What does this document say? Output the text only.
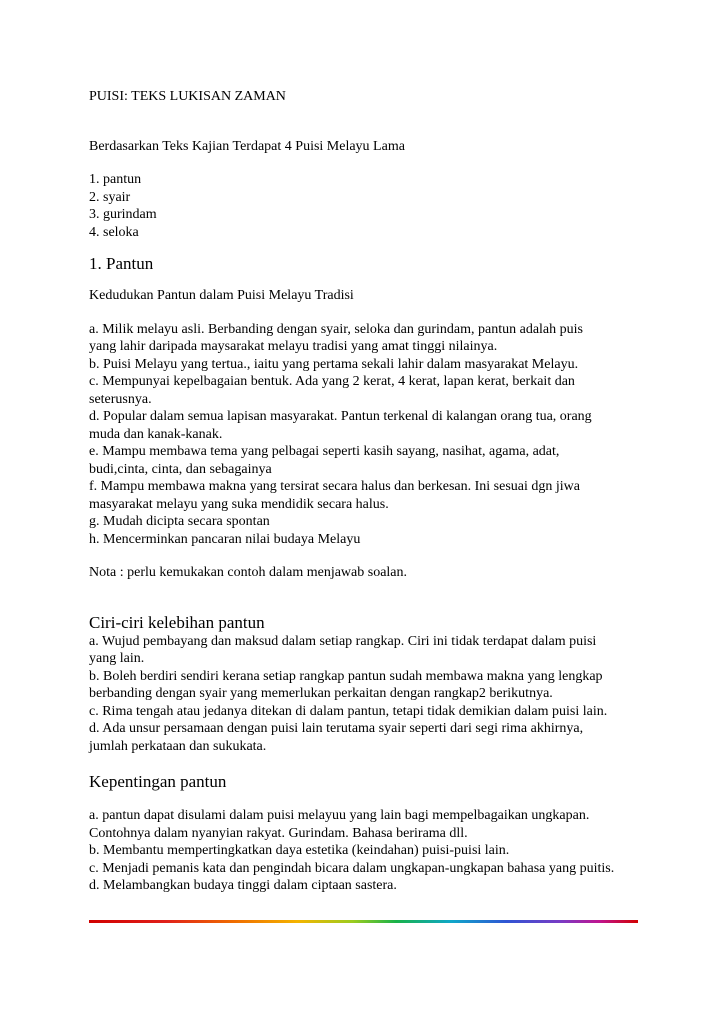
PUISI: TEKS LUKISAN ZAMAN
Berdasarkan Teks Kajian Terdapat 4 Puisi Melayu Lama
1. pantun
2. syair
3. gurindam
4. seloka
1. Pantun
Kedudukan Pantun dalam Puisi Melayu Tradisi
a. Milik melayu asli. Berbanding dengan syair, seloka dan gurindam, pantun adalah puis
yang lahir daripada maysarakat melayu tradisi yang amat tinggi nilainya.
b. Puisi Melayu yang tertua., iaitu yang pertama sekali lahir dalam masyarakat Melayu.
c. Mempunyai kepelbagaian bentuk. Ada yang 2 kerat, 4 kerat, lapan kerat, berkait dan
seterusnya.
d. Popular dalam semua lapisan masyarakat. Pantun terkenal di kalangan orang tua, orang
muda dan kanak-kanak.
e. Mampu membawa tema yang pelbagai seperti kasih sayang, nasihat, agama, adat,
budi,cinta, cinta, dan sebagainya
f. Mampu membawa makna yang tersirat secara halus dan berkesan. Ini sesuai dgn jiwa
masyarakat melayu yang suka mendidik secara halus.
g. Mudah dicipta secara spontan
h. Mencerminkan pancaran nilai budaya Melayu
Nota : perlu kemukakan contoh dalam menjawab soalan.
Ciri-ciri kelebihan pantun
a. Wujud pembayang dan maksud dalam setiap rangkap. Ciri ini tidak terdapat dalam puisi
yang lain.
b. Boleh berdiri sendiri kerana setiap rangkap pantun sudah membawa makna yang lengkap
berbanding dengan syair yang memerlukan perkaitan dengan rangkap2 berikutnya.
c. Rima tengah atau jedanya ditekan di dalam pantun, tetapi tidak demikian dalam puisi lain.
d. Ada unsur persamaan dengan puisi lain terutama syair seperti dari segi rima akhirnya,
jumlah perkataan dan sukukata.
Kepentingan pantun
a. pantun dapat disulami dalam puisi melayuu yang lain bagi mempelbagaikan ungkapan.
Contohnya dalam nyanyian rakyat. Gurindam. Bahasa berirama dll.
b. Membantu mempertingkatkan daya estetika (keindahan) puisi-puisi lain.
c. Menjadi pemanis kata dan pengindah bicara dalam ungkapan-ungkapan bahasa yang puitis.
d. Melambangkan budaya tinggi dalam ciptaan sastera.
